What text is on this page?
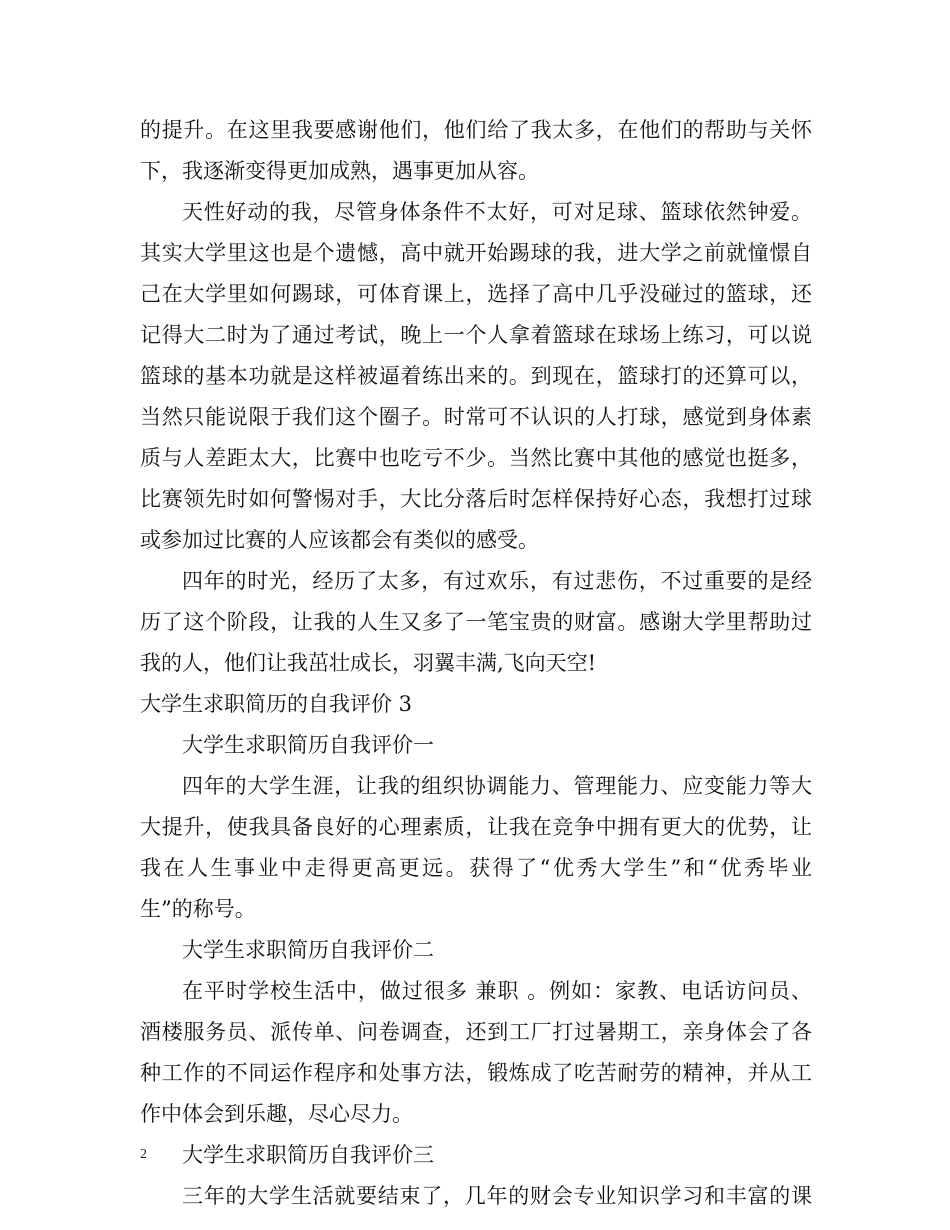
的提升。在这里我要感谢他们，他们给了我太多，在他们的帮助与关怀
下，我逐渐变得更加成熟，遇事更加从容。
天性好动的我，尽管身体条件不太好，可对足球、篮球依然钟爱。
其实大学里这也是个遗憾，高中就开始踢球的我，进大学之前就憧憬自
己在大学里如何踢球，可体育课上，选择了高中几乎没碰过的篮球，还
记得大二时为了通过考试，晚上一个人拿着篮球在球场上练习，可以说
篮球的基本功就是这样被逼着练出来的。到现在，篮球打的还算可以，
当然只能说限于我们这个圈子。时常可不认识的人打球，感觉到身体素
质与人差距太大，比赛中也吃亏不少。当然比赛中其他的感觉也挺多，
比赛领先时如何警惕对手，大比分落后时怎样保持好心态，我想打过球
或参加过比赛的人应该都会有类似的感受。
四年的时光，经历了太多，有过欢乐，有过悲伤，不过重要的是经
历了这个阶段，让我的人生又多了一笔宝贵的财富。感谢大学里帮助过
我的人，他们让我茁壮成长，羽翼丰满,飞向天空!
大学生求职简历的自我评价 3
大学生求职简历自我评价一
四年的大学生涯，让我的组织协调能力、管理能力、应变能力等大
大提升，使我具备良好的心理素质，让我在竞争中拥有更大的优势，让
我在人生事业中走得更高更远。获得了“优秀大学生”和“优秀毕业
生”的称号。
大学生求职简历自我评价二
在平时学校生活中，做过很多 兼职 。例如：家教、电话访问员、
酒楼服务员、派传单、问卷调查，还到工厂打过暑期工，亲身体会了各
种工作的不同运作程序和处事方法，锻炼成了吃苦耐劳的精神，并从工
作中体会到乐趣，尽心尽力。
大学生求职简历自我评价三
三年的大学生活就要结束了，几年的财会专业知识学习和丰富的课
2
